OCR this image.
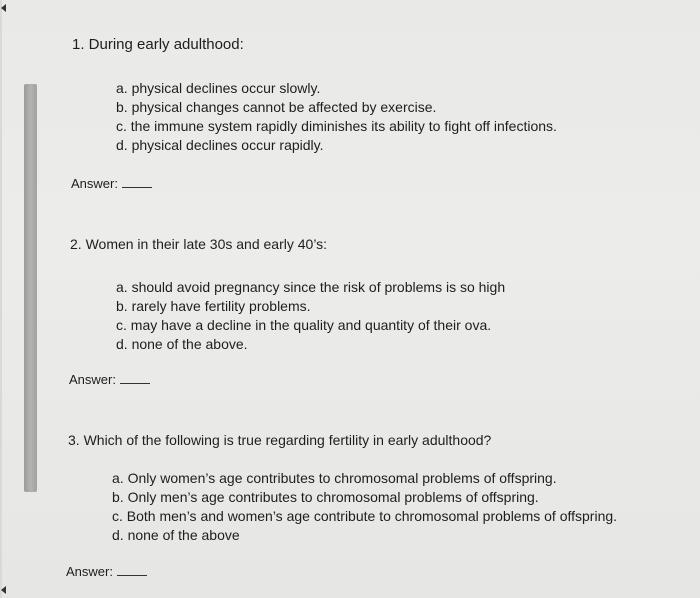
1. During early adulthood:
a. physical declines occur slowly.
b. physical changes cannot be affected by exercise.
c. the immune system rapidly diminishes its ability to fight off infections.
d. physical declines occur rapidly.
Answer:
2. Women in their late 30s and early 40’s:
a. should avoid pregnancy since the risk of problems is so high
b. rarely have fertility problems.
c. may have a decline in the quality and quantity of their ova.
d. none of the above.
Answer:
3. Which of the following is true regarding fertility in early adulthood?
a. Only women’s age contributes to chromosomal problems of offspring.
b. Only men’s age contributes to chromosomal problems of offspring.
c. Both men’s and women’s age contribute to chromosomal problems of offspring.
d. none of the above
Answer:
